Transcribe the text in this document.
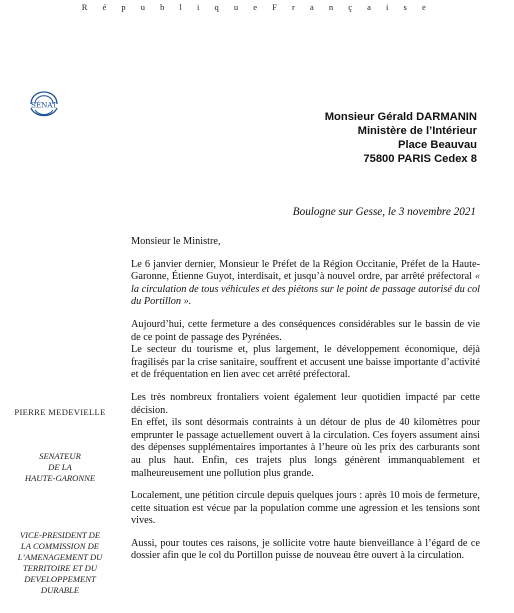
R é p u b l i q u e F r a n ç a i s e
SÉNAT
Monsieur Gérald DARMANIN
Ministère de l’Intérieur
Place Beauvau
75800 PARIS Cedex 8
Boulogne sur Gesse, le 3 novembre 2021

Monsieur le Ministre,

Le 6 janvier dernier, Monsieur le Préfet de la Région Occitanie, Préfet de la Haute-Garonne, Étienne Guyot, interdisait, et jusqu’à nouvel ordre, par arrêté préfectoral « la circulation de tous véhicules et des piétons sur le point de passage autorisé du col du Portillon ».

Aujourd’hui, cette fermeture a des conséquences considérables sur le bassin de vie de ce point de passage des Pyrénées.

Le secteur du tourisme et, plus largement, le développement économique, déjà fragilisés par la crise sanitaire, souffrent et accusent une baisse importante d’activité et de fréquentation en lien avec cet arrêté préfectoral.

Les très nombreux frontaliers voient également leur quotidien impacté par cette décision.

En effet, ils sont désormais contraints à un détour de plus de 40 kilomètres pour emprunter le passage actuellement ouvert à la circulation. Ces foyers assument ainsi des dépenses supplémentaires importantes à l’heure où les prix des carburants sont au plus haut. Enfin, ces trajets plus longs génèrent immanquablement et malheureusement une pollution plus grande.

Localement, une pétition circule depuis quelques jours : après 10 mois de fermeture, cette situation est vécue par la population comme une agression et les tensions sont vives.

Aussi, pour toutes ces raisons, je sollicite votre haute bienveillance à l’égard de ce dossier afin que le col du Portillon puisse de nouveau être ouvert à la circulation.

PIERRE MEDEVIELLE
SENATEUR
DE LA
HAUTE-GARONNE
VICE-PRESIDENT DE
LA COMMISSION DE
L’AMENAGEMENT DU
TERRITOIRE ET DU
DEVELOPPEMENT
DURABLE
